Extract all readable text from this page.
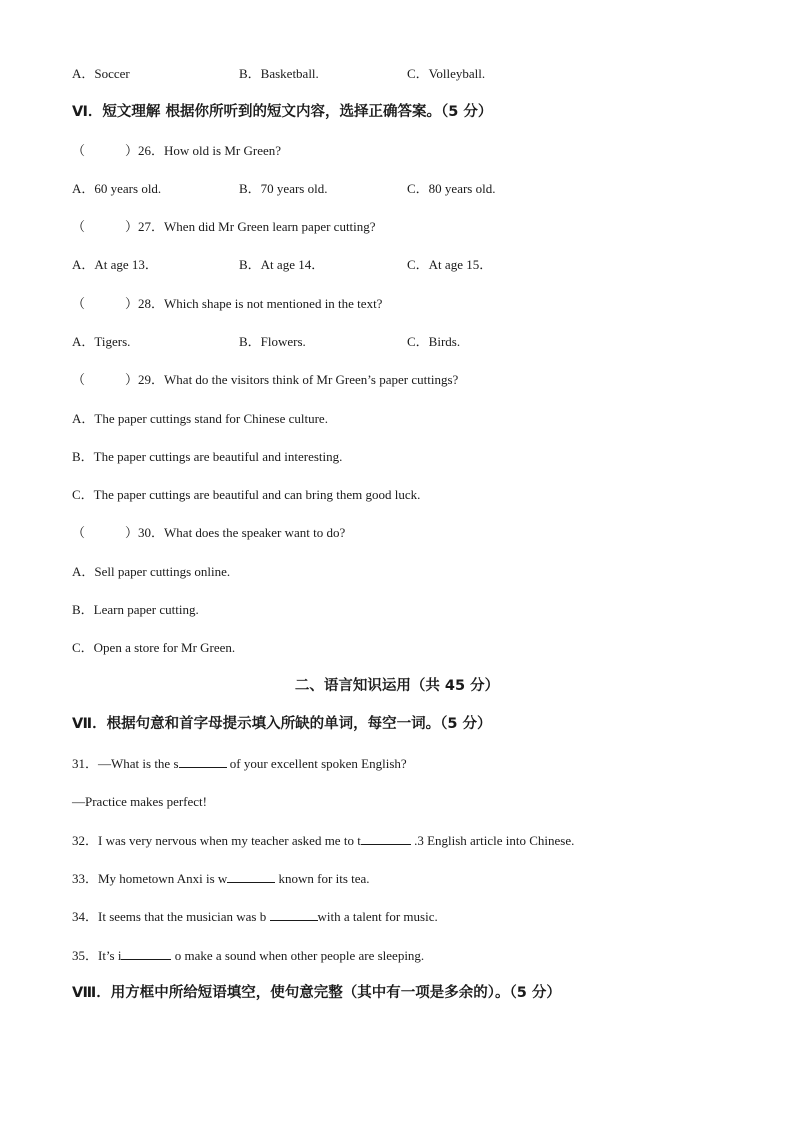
A．Soccer	B．Basketball.	C．Volleyball.
Ⅵ．短文理解 根据你所听到的短文内容，选择正确答案。（5 分）
（	）26．How old is Mr Green?
A．60 years old.	B．70 years old.	C．80 years old.
（	）27．When did Mr Green learn paper cutting?
A．At age 13．	B．At age 14．	C．At age 15．
（	）28．Which shape is not mentioned in the text?
A．Tigers.	B．Flowers.	C．Birds.
（	）29．What do the visitors think of Mr Green’s paper cuttings?
A．The paper cuttings stand for Chinese culture.
B．The paper cuttings are beautiful and interesting.
C．The paper cuttings are beautiful and can bring them good luck.
（	）30．What does the speaker want to do?
A．Sell paper cuttings online.
B．Learn paper cutting.
C．Open a store for Mr Green.
二、语言知识运用（共 45 分）
Ⅶ．根据句意和首字母提示填入所缺的单词，每空一词。（5 分）
31．—What is the s	of your excellent spoken English?
—Practice makes perfect!
32．I was very nervous when my teacher asked me to t	.3 English article into Chinese.
33．My hometown Anxi is w	known for its tea.
34．It seems that the musician was b	with a talent for music.
35．It’s i	o make a sound when other people are sleeping.
Ⅷ．用方框中所给短语填空，使句意完整（其中有一项是多余的）。（5 分）
